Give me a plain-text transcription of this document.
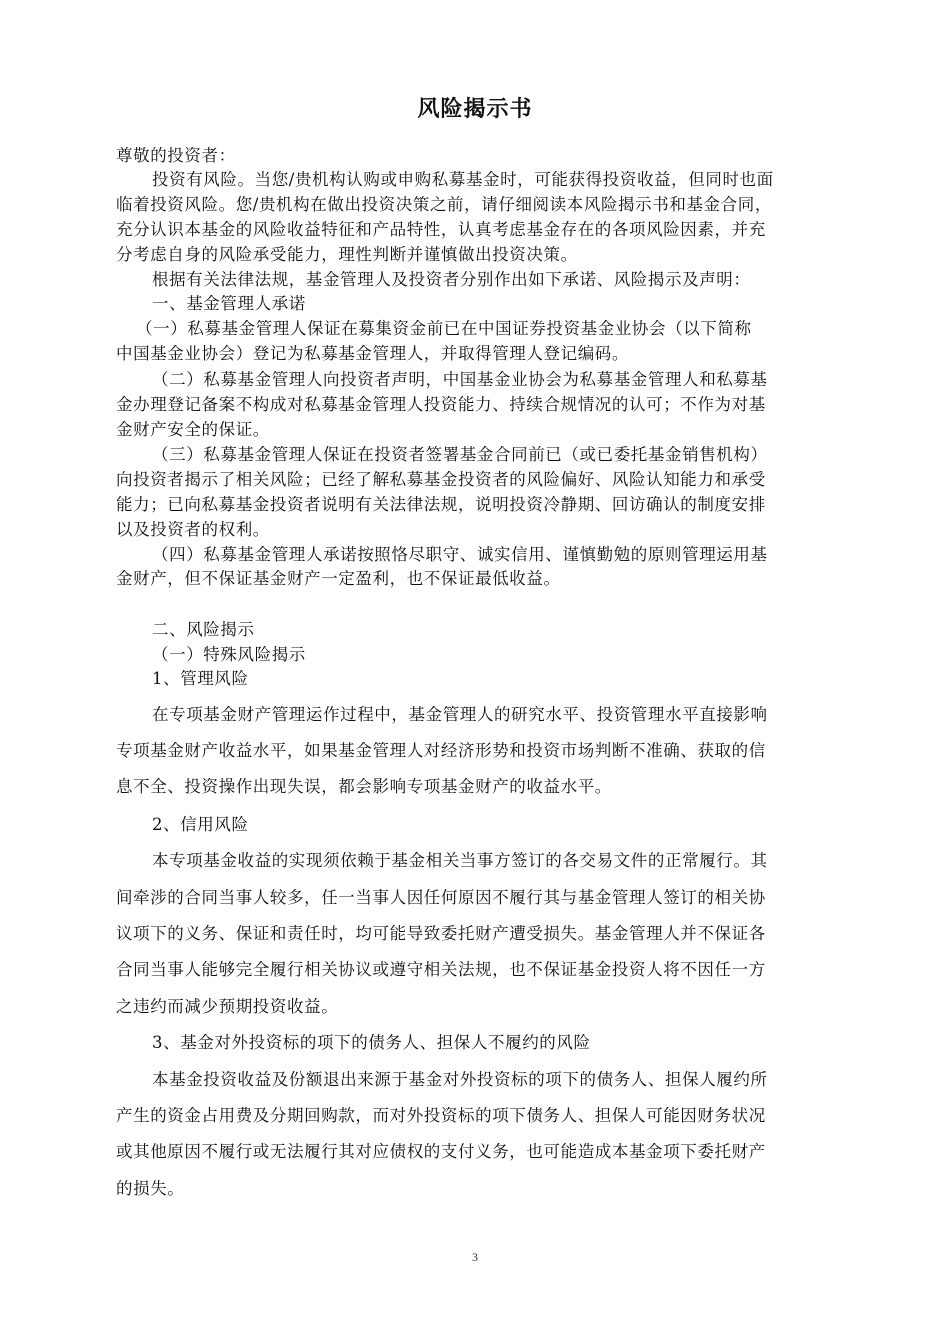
风险揭示书
尊敬的投资者：
投资有风险。当您/贵机构认购或申购私募基金时，可能获得投资收益，但同时也面
临着投资风险。您/贵机构在做出投资决策之前，请仔细阅读本风险揭示书和基金合同，
充分认识本基金的风险收益特征和产品特性，认真考虑基金存在的各项风险因素，并充
分考虑自身的风险承受能力，理性判断并谨慎做出投资决策。
根据有关法律法规，基金管理人及投资者分别作出如下承诺、风险揭示及声明：
一、基金管理人承诺
（一）私募基金管理人保证在募集资金前已在中国证券投资基金业协会（以下简称
中国基金业协会）登记为私募基金管理人，并取得管理人登记编码。
（二）私募基金管理人向投资者声明，中国基金业协会为私募基金管理人和私募基
金办理登记备案不构成对私募基金管理人投资能力、持续合规情况的认可；不作为对基
金财产安全的保证。
（三）私募基金管理人保证在投资者签署基金合同前已（或已委托基金销售机构）
向投资者揭示了相关风险；已经了解私募基金投资者的风险偏好、风险认知能力和承受
能力；已向私募基金投资者说明有关法律法规，说明投资冷静期、回访确认的制度安排
以及投资者的权利。
（四）私募基金管理人承诺按照恪尽职守、诚实信用、谨慎勤勉的原则管理运用基
金财产，但不保证基金财产一定盈利，也不保证最低收益。
二、风险揭示
（一）特殊风险揭示
1、管理风险
在专项基金财产管理运作过程中，基金管理人的研究水平、投资管理水平直接影响
专项基金财产收益水平，如果基金管理人对经济形势和投资市场判断不准确、获取的信
息不全、投资操作出现失误，都会影响专项基金财产的收益水平。
2、信用风险
本专项基金收益的实现须依赖于基金相关当事方签订的各交易文件的正常履行。其
间牵涉的合同当事人较多，任一当事人因任何原因不履行其与基金管理人签订的相关协
议项下的义务、保证和责任时，均可能导致委托财产遭受损失。基金管理人并不保证各
合同当事人能够完全履行相关协议或遵守相关法规，也不保证基金投资人将不因任一方
之违约而减少预期投资收益。
3、基金对外投资标的项下的债务人、担保人不履约的风险
本基金投资收益及份额退出来源于基金对外投资标的项下的债务人、担保人履约所
产生的资金占用费及分期回购款，而对外投资标的项下债务人、担保人可能因财务状况
或其他原因不履行或无法履行其对应债权的支付义务，也可能造成本基金项下委托财产
的损失。
3
